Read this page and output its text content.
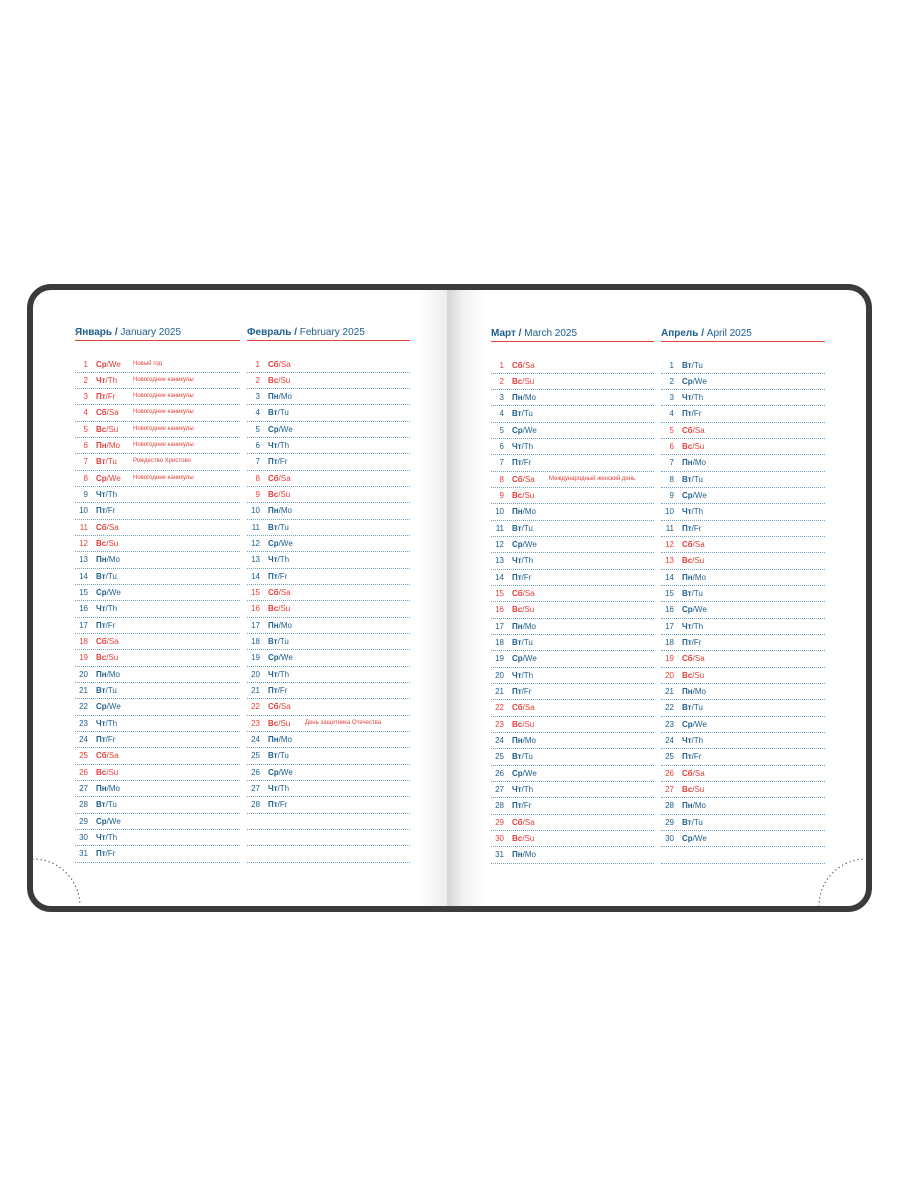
Январь / January 2025
1 Ср/We Новый год
2 Чт/Th	Новогодние каникулы
3 Пт/Fr	Новогодние каникулы
4 Сб/Sa Новогодние каникулы
5 Вс/Su Новогодние каникулы
6 Пн/Mo Новогодние каникулы
7 Вт/Tu	Рождество Христово
8 Ср/We Новогодние каникулы
9 Чт/Th
10 Пт/Fr
11 Сб/Sa
12 Вс/Su
13 Пн/Mo
14 Вт/Tu
15 Ср/We
16 Чт/Th
17 Пт/Fr
18 Сб/Sa
19 Вс/Su
20 Пн/Mo
21 Вт/Tu
22 Ср/We
23 Чт/Th
24 Пт/Fr
25 Сб/Sa
26 Вс/Su
27 Пн/Mo
28 Вт/Tu
29 Ср/We
30 Чт/Th
31 Пт/Fr
Февраль / February 2025
1 Сб/Sa
2 Вс/Su
3 Пн/Mo
4 Вт/Tu
5 Ср/We
6 Чт/Th
7 Пт/Fr
8 Сб/Sa
9 Вс/Su
10 Пн/Mo
11 Вт/Tu
12 Ср/We
13 Чт/Th
14 Пт/Fr
15 Сб/Sa
16 Вс/Su
17 Пн/Mo
18 Вт/Tu
19 Ср/We
20 Чт/Th
21 Пт/Fr
22 Сб/Sa
23 Вс/Su День защитника Отечества
24 Пн/Mo
25 Вт/Tu
26 Ср/We
27 Чт/Th
28 Пт/Fr
Март / March 2025
1 Сб/Sa
2 Вс/Su
3 Пн/Mo
4 Вт/Tu
5 Ср/We
6 Чт/Th
7 Пт/Fr
8 Сб/Sa Международный женский день
9 Вс/Su
10 Пн/Mo
11 Вт/Tu
12 Ср/We
13 Чт/Th
14 Пт/Fr
15 Сб/Sa
16 Вс/Su
17 Пн/Mo
18 Вт/Tu
19 Ср/We
20 Чт/Th
21 Пт/Fr
22 Сб/Sa
23 Вс/Su
24 Пн/Mo
25 Вт/Tu
26 Ср/We
27 Чт/Th
28 Пт/Fr
29 Сб/Sa
30 Вс/Su
31 Пн/Mo
Апрель / April 2025
1 Вт/Tu
2 Ср/We
3 Чт/Th
4 Пт/Fr
5 Сб/Sa
6 Вс/Su
7 Пн/Mo
8 Вт/Tu
9 Ср/We
10 Чт/Th
11 Пт/Fr
12 Сб/Sa
13 Вс/Su
14 Пн/Mo
15 Вт/Tu
16 Ср/We
17 Чт/Th
18 Пт/Fr
19 Сб/Sa
20 Вс/Su
21 Пн/Mo
22 Вт/Tu
23 Ср/We
24 Чт/Th
25 Пт/Fr
26 Сб/Sa
27 Вс/Su
28 Пн/Mo
29 Вт/Tu
30 Ср/We
